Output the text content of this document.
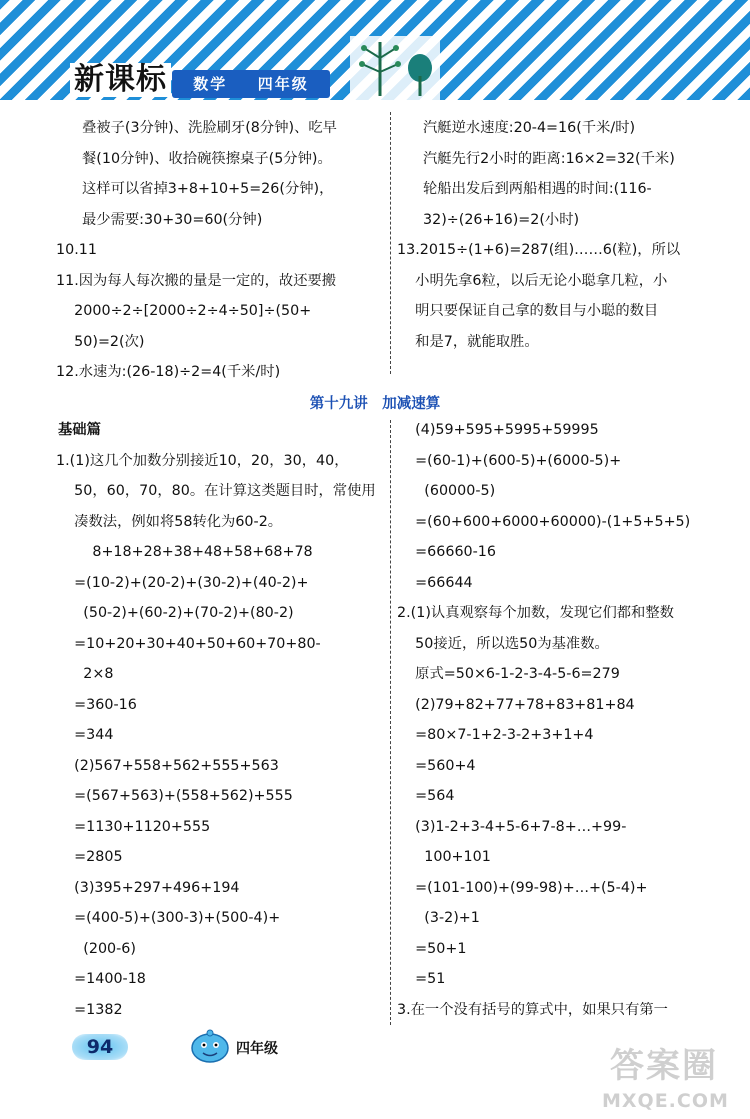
新课标	数学 四年级

叠被子(3分钟)、洗脸刷牙(8分钟)、吃早

餐(10分钟)、收拾碗筷擦桌子(5分钟)。

这样可以省掉3+8+10+5=26(分钟)，

最少需要:30+30=60(分钟)

10.11

11.因为每人每次搬的量是一定的，故还要搬

2000÷2÷[2000÷2÷4÷50]÷(50+

50)=2(次)

12.水速为:(26-18)÷2=4(千米/时)

汽艇逆水速度:20-4=16(千米/时)

汽艇先行2小时的距离:16×2=32(千米)

轮船出发后到两船相遇的时间:(116-

32)÷(26+16)=2(小时)

13.2015÷(1+6)=287(组)……6(粒)，所以

小明先拿6粒，以后无论小聪拿几粒，小

明只要保证自己拿的数目与小聪的数目

和是7，就能取胜。

第十九讲　加减速算

基础篇

1.(1)这几个加数分别接近10，20，30，40，

50，60，70，80。在计算这类题目时，常使用

凑数法，例如将58转化为60-2。

8+18+28+38+48+58+68+78

=(10-2)+(20-2)+(30-2)+(40-2)+

(50-2)+(60-2)+(70-2)+(80-2)

=10+20+30+40+50+60+70+80-

2×8

=360-16

=344

(2)567+558+562+555+563

=(567+563)+(558+562)+555

=1130+1120+555

=2805

(3)395+297+496+194

=(400-5)+(300-3)+(500-4)+

(200-6)

=1400-18

=1382

(4)59+595+5995+59995

=(60-1)+(600-5)+(6000-5)+

(60000-5)

=(60+600+6000+60000)-(1+5+5+5)

=66660-16

=66644

2.(1)认真观察每个加数，发现它们都和整数

50接近，所以选50为基准数。

原式=50×6-1-2-3-4-5-6=279

(2)79+82+77+78+83+81+84

=80×7-1+2-3-2+3+1+4

=560+4

=564

(3)1-2+3-4+5-6+7-8+…+99-

100+101

=(101-100)+(99-98)+…+(5-4)+

(3-2)+1

=50+1

=51

3.在一个没有括号的算式中，如果只有第一

94	四年级	答案圈
MXQE.COM
